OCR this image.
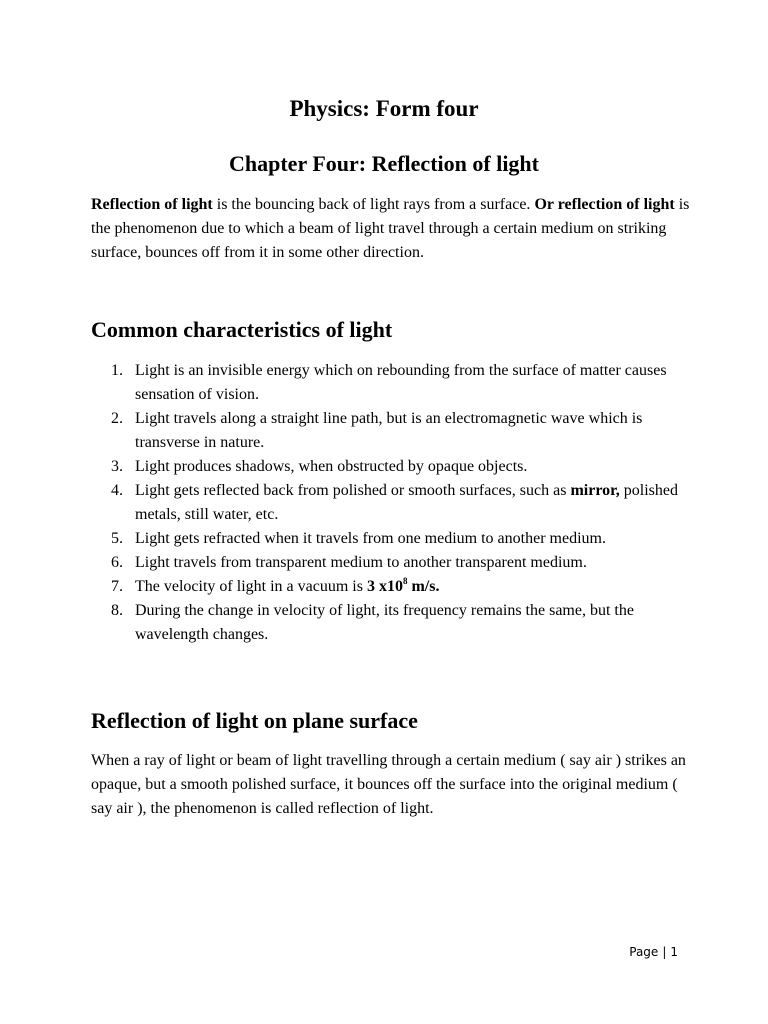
Physics: Form four
Chapter Four: Reflection of light

Reflection of light is the bouncing back of light rays from a surface. Or reflection of light is the phenomenon due to which a beam of light travel through a certain medium on striking surface, bounces off from it in some other direction.

Common characteristics of light
1. Light is an invisible energy which on rebounding from the surface of matter causes sensation of vision.
2. Light travels along a straight line path, but is an electromagnetic wave which is transverse in nature.
3. Light produces shadows, when obstructed by opaque objects.
4. Light gets reflected back from polished or smooth surfaces, such as mirror, polished metals, still water, etc.
5. Light gets refracted when it travels from one medium to another medium.
6. Light travels from transparent medium to another transparent medium.
7. The velocity of light in a vacuum is 3 $x10^8$ m/s.
8. During the change in velocity of light, its frequency remains the same, but the wavelength changes.
Reflection of light on plane surface

When a ray of light or beam of light travelling through a certain medium ( say air ) strikes an opaque, but a smooth polished surface, it bounces off the surface into the original medium ( say air ), the phenomenon is called reflection of light.

Page | 1
